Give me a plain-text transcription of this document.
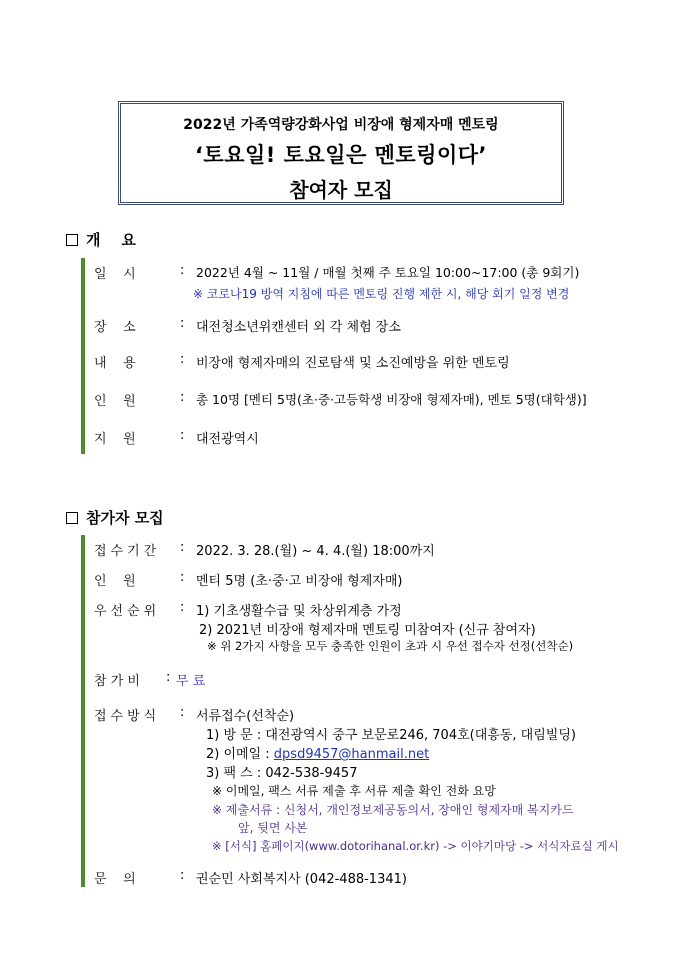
2022년 가족역량강화사업 비장애 형제자매 멘토링
‘토요일! 토요일은 멘토링이다’
참여자 모집
개    요
일    시	: 2022년 4월 ~ 11월 / 매월 첫째 주 토요일 10:00~17:00 (총 9회기)
※ 코로나19 방역 지침에 따른 멘토링 진행 제한 시, 해당 회기 일정 변경
장    소	: 대전청소년위캔센터 외 각 체험 장소
내    용	: 비장애 형제자매의 진로탐색 및 소진예방을 위한 멘토링
인    원	: 총 10명 [멘티 5명(초·중·고등학생 비장애 형제자매), 멘토 5명(대학생)]
지    원	: 대전광역시
참가자 모집
접수기간 : 2022. 3. 28.(월) ~ 4. 4.(월) 18:00까지
인    원	: 멘티 5명 (초·중·고 비장애 형제자매)
우선순위 : 1) 기초생활수급 및 차상위계층 가정
2) 2021년 비장애 형제자매 멘토링 미참여자 (신규 참여자)
※ 위 2가지 사항을 모두 충족한 인원이 초과 시 우선 접수자 선정(선착순)
참 가 비 : 무 료
접수방식 : 서류접수(선착순)
1) 방 문 : 대전광역시 중구 보문로246, 704호(대흥동, 대림빌딩)
2) 이메일 : dpsd9457@hanmail.net
3) 팩 스 : 042-538-9457
※ 이메일, 팩스 서류 제출 후 서류 제출 확인 전화 요망
※ 제출서류 : 신청서, 개인정보제공동의서, 장애인 형제자매 복지카드
앞, 뒷면 사본
※ [서식] 홈페이지(www.dotorihanal.or.kr) -> 이야기마당 -> 서식자료실 게시
문    의	: 권순민 사회복지사 (042-488-1341)
